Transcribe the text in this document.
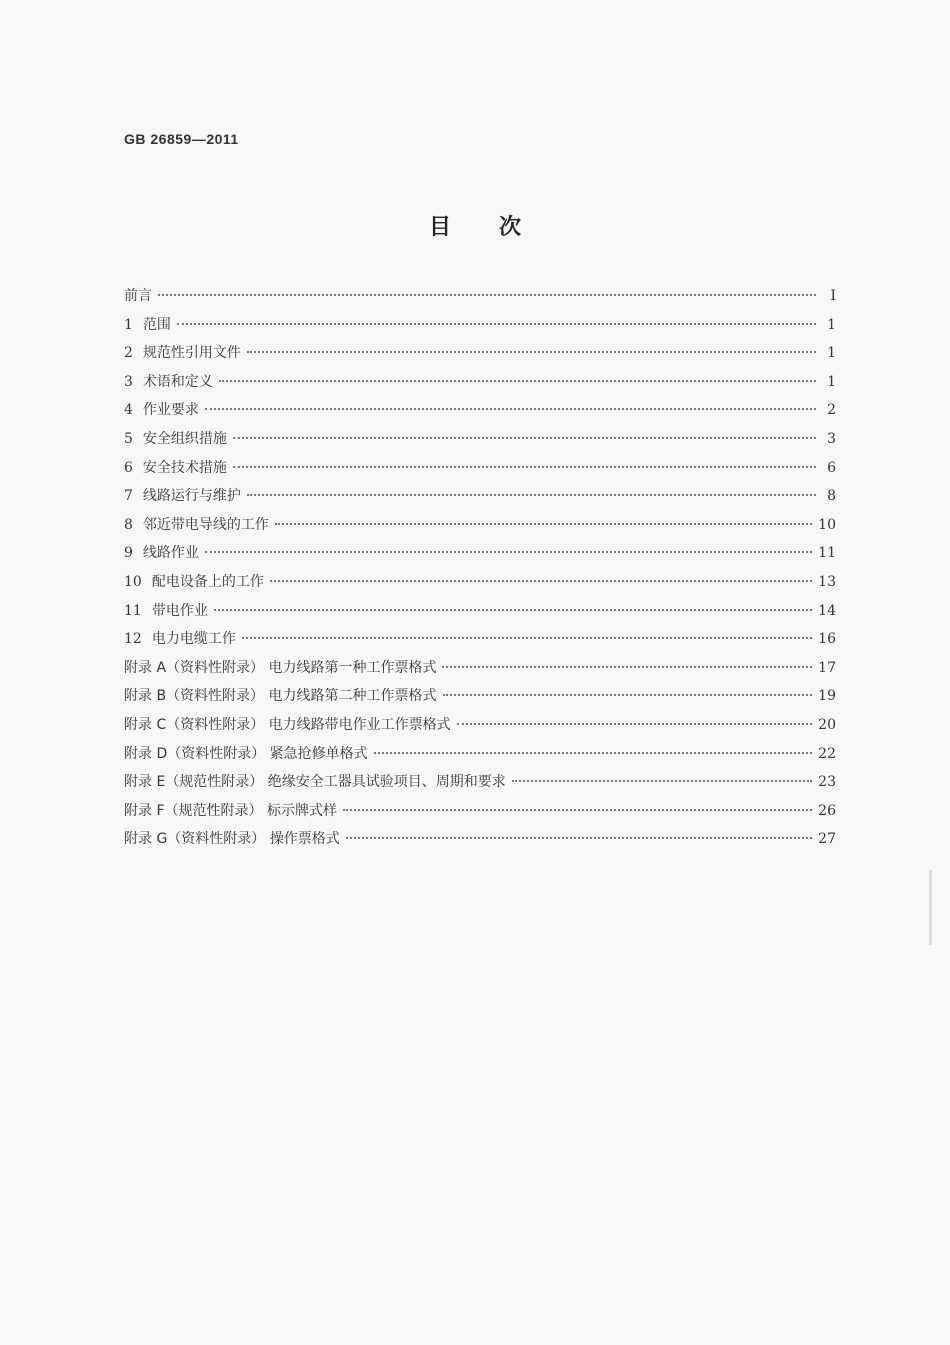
GB 26859—2011
目次
前言	I
1 范围	1
2 规范性引用文件	1
3 术语和定义	1
4 作业要求	2
5 安全组织措施	3
6 安全技术措施	6
7 线路运行与维护	8
8 邻近带电导线的工作	10
9 线路作业	11
10 配电设备上的工作	13
11 带电作业	14
12 电力电缆工作	16
附录 A（资料性附录） 电力线路第一种工作票格式	17
附录 B（资料性附录） 电力线路第二种工作票格式	19
附录 C（资料性附录） 电力线路带电作业工作票格式	20
附录 D（资料性附录） 紧急抢修单格式	22
附录 E（规范性附录） 绝缘安全工器具试验项目、周期和要求	23
附录 F（规范性附录） 标示牌式样	26
附录 G（资料性附录） 操作票格式	27
